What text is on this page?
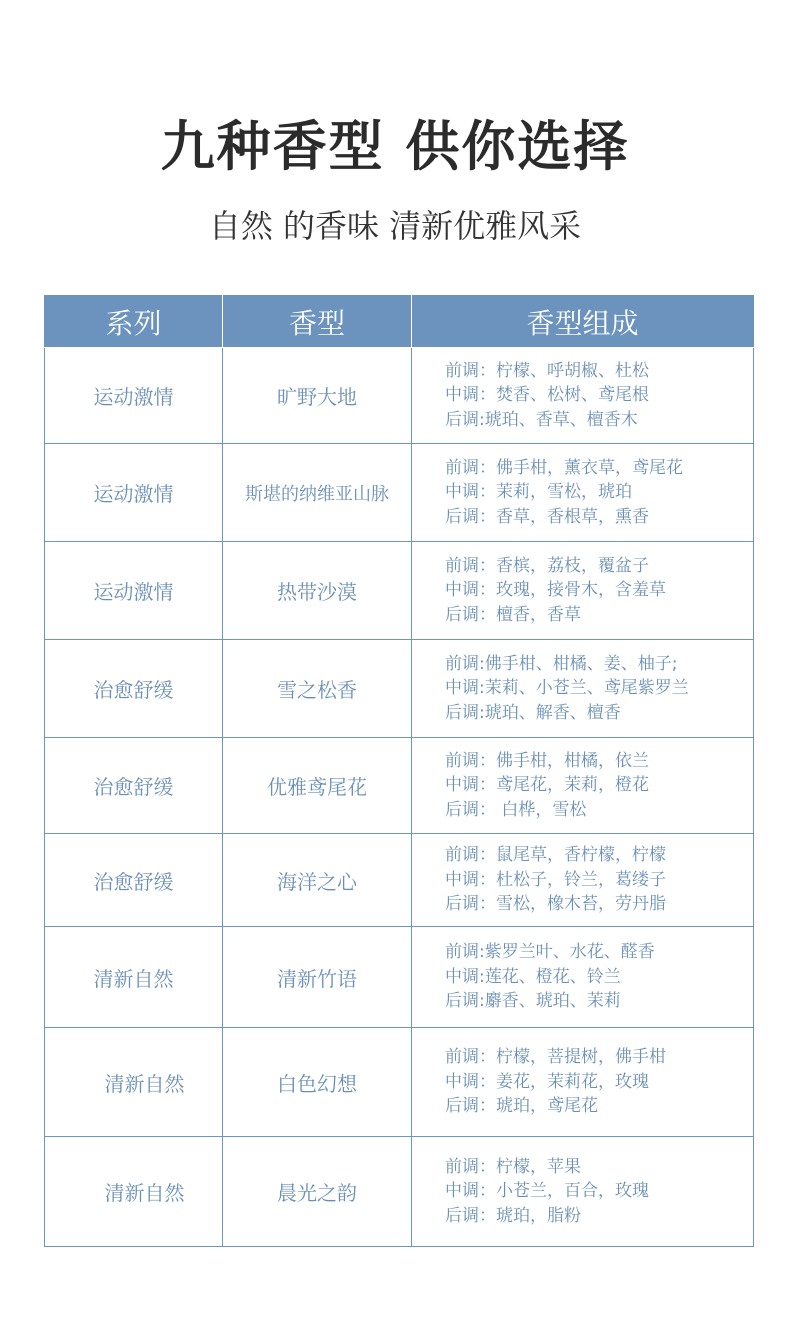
九种香型 供你选择
自然 的香味 清新优雅风采
系列	香型	香型组成
运动激情	旷野大地	前调：柠檬、呼胡椒、杜松
中调：焚香、松树、鸢尾根
后调:琥珀、香草、檀香木

运动激情	斯堪的纳维亚山脉	前调：佛手柑，薰衣草，鸢尾花
中调：茉莉，雪松，琥珀
后调：香草，香根草，熏香

运动激情	热带沙漠	前调：香槟，荔枝，覆盆子
中调：玫瑰，接骨木，含羞草
后调：檀香，香草

治愈舒缓	雪之松香	前调:佛手柑、柑橘、姜、柚子;
中调:茉莉、小苍兰、鸢尾紫罗兰
后调:琥珀、解香、檀香

治愈舒缓	优雅鸢尾花	前调：佛手柑，柑橘，依兰
中调：鸢尾花，茉莉，橙花
后调： 白桦，雪松

治愈舒缓	海洋之心	前调：鼠尾草，香柠檬，柠檬
中调：杜松子，铃兰，葛缕子
后调：雪松，橡木苔，劳丹脂

清新自然	清新竹语	前调:紫罗兰叶、水花、醛香
中调:莲花、橙花、铃兰
后调:麝香、琥珀、茉莉

清新自然	白色幻想	前调：柠檬，菩提树，佛手柑
中调：姜花，茉莉花，玫瑰
后调：琥珀，鸢尾花

清新自然	晨光之韵	前调：柠檬，苹果
中调：小苍兰，百合，玫瑰
后调：琥珀，脂粉
